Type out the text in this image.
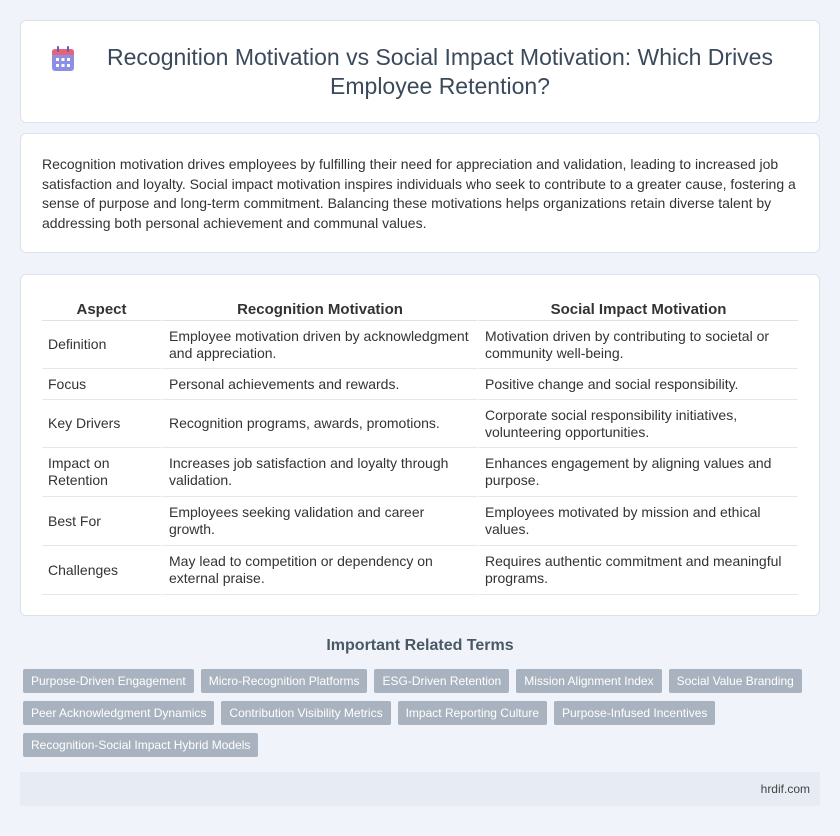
Recognition Motivation vs Social Impact Motivation: Which Drives Employee Retention?

Recognition motivation drives employees by fulfilling their need for appreciation and validation, leading to increased job satisfaction and loyalty. Social impact motivation inspires individuals who seek to contribute to a greater cause, fostering a sense of purpose and long-term commitment. Balancing these motivations helps organizations retain diverse talent by addressing both personal achievement and communal values.

Aspect	Recognition Motivation	Social Impact Motivation
Definition	Employee motivation driven by acknowledgment and appreciation.	Motivation driven by contributing to societal or community well-being.
Focus	Personal achievements and rewards.	Positive change and social responsibility.
Key Drivers	Recognition programs, awards, promotions.	Corporate social responsibility initiatives, volunteering opportunities.
Impact on Retention	Increases job satisfaction and loyalty through validation.	Enhances engagement by aligning values and purpose.
Best For	Employees seeking validation and career growth.	Employees motivated by mission and ethical values.
Challenges	May lead to competition or dependency on external praise.	Requires authentic commitment and meaningful programs.
Important Related Terms
Purpose-Driven Engagement	Micro-Recognition Platforms	ESG-Driven Retention	Mission Alignment Index	Social Value Branding
Peer Acknowledgment Dynamics	Contribution Visibility Metrics	Impact Reporting Culture	Purpose-Infused Incentives
Recognition-Social Impact Hybrid Models
hrdif.com
